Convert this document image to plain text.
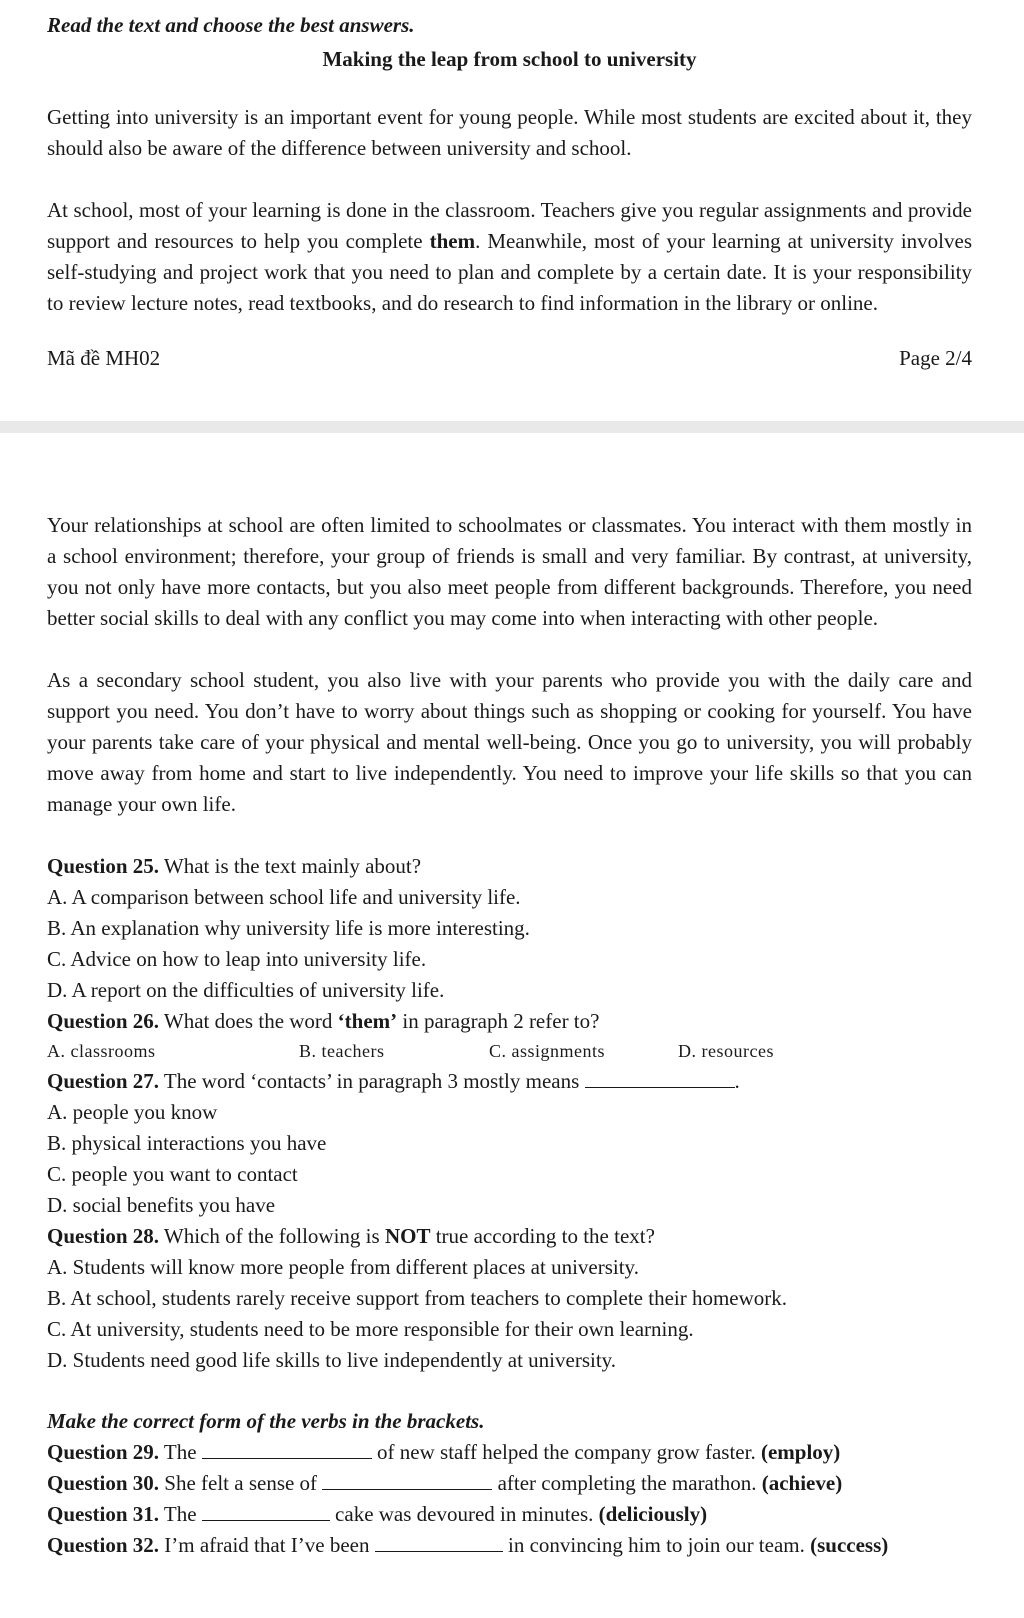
Read the text and choose the best answers.

Making the leap from school to university

Getting into university is an important event for young people. While most students are excited about it, they should also be aware of the difference between university and school.

At school, most of your learning is done in the classroom. Teachers give you regular assignments and provide support and resources to help you complete them. Meanwhile, most of your learning at university involves self-studying and project work that you need to plan and complete by a certain date. It is your responsibility to review lecture notes, read textbooks, and do research to find information in the library or online.

Mã đề MH02	Page 2/4

Your relationships at school are often limited to schoolmates or classmates. You interact with them mostly in a school environment; therefore, your group of friends is small and very familiar. By contrast, at university, you not only have more contacts, but you also meet people from different backgrounds. Therefore, you need better social skills to deal with any conflict you may come into when interacting with other people.

As a secondary school student, you also live with your parents who provide you with the daily care and support you need. You don’t have to worry about things such as shopping or cooking for yourself. You have your parents take care of your physical and mental well-being. Once you go to university, you will probably move away from home and start to live independently. You need to improve your life skills so that you can manage your own life.

Question 25. What is the text mainly about?

A. A comparison between school life and university life.

B. An explanation why university life is more interesting.

C. Advice on how to leap into university life.

D. A report on the difficulties of university life.

Question 26. What does the word ‘them’ in paragraph 2 refer to?

A. classrooms	B. teachers	C. assignments	D. resources

Question 27. The word ‘contacts’ in paragraph 3 mostly means	.

A. people you know

B. physical interactions you have

C. people you want to contact

D. social benefits you have

Question 28. Which of the following is NOT true according to the text?

A. Students will know more people from different places at university.

B. At school, students rarely receive support from teachers to complete their homework.

C. At university, students need to be more responsible for their own learning.

D. Students need good life skills to live independently at university.

Make the correct form of the verbs in the brackets.

Question 29. The	of new staff helped the company grow faster. (employ)

Question 30. She felt a sense of	after completing the marathon. (achieve)

Question 31. The	cake was devoured in minutes. (deliciously)

Question 32. I’m afraid that I’ve been	in convincing him to join our team. (success)
